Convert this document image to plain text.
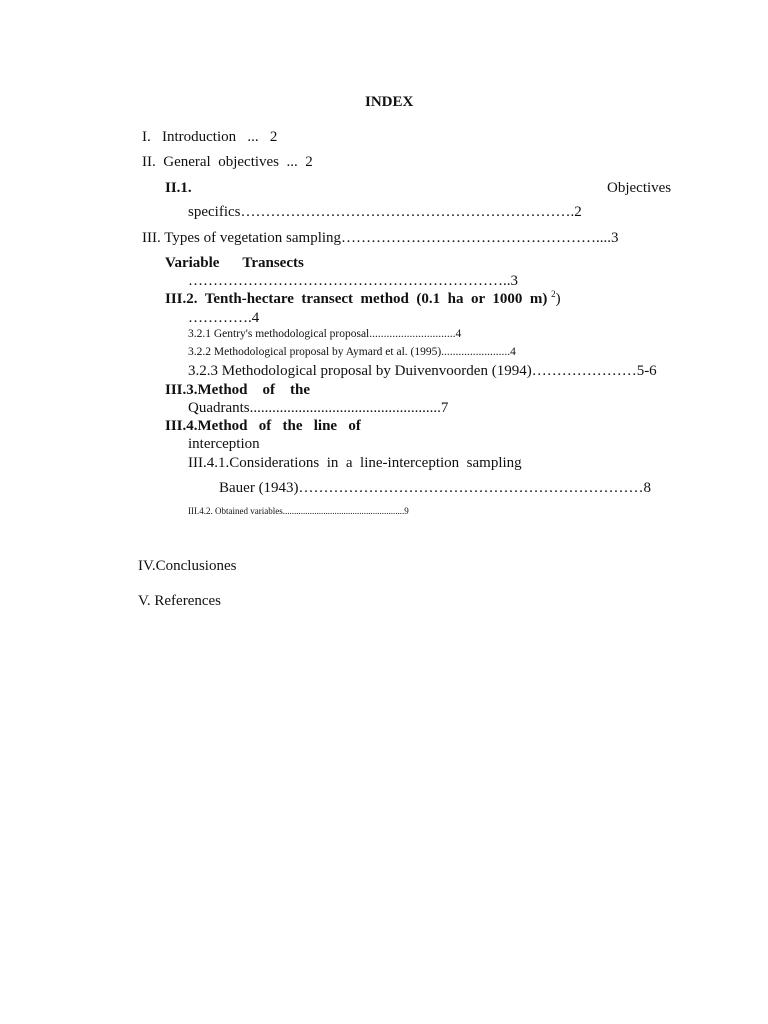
INDEX
I.   Introduction   ...   2
II.  General  objectives  ...  2
II.1.	Objectives
specifics………………………………………………………….2
III. Types of vegetation sampling……………………………………………....3
Variable   Transects
………………………………………………………..3
III.2.  Tenth-hectare  transect  method  (0.1  ha  or  1000  m) $^2$)
………….4
3.2.1 Gentry's methodological proposal..............................4
3.2.2 Methodological proposal by Aymard et al. (1995)........................4
3.2.3 Methodological proposal by Duivenvoorden (1994)…………………5-6
III.3.Method    of    the
Quadrants...................................................7
III.4.Method   of   the   line   of
interception
III.4.1.Considerations  in  a  line-interception  sampling
Bauer (1943)……………………………………………………………8
III.4.2. Obtained variables......................................................9
IV.Conclusiones
V. References
